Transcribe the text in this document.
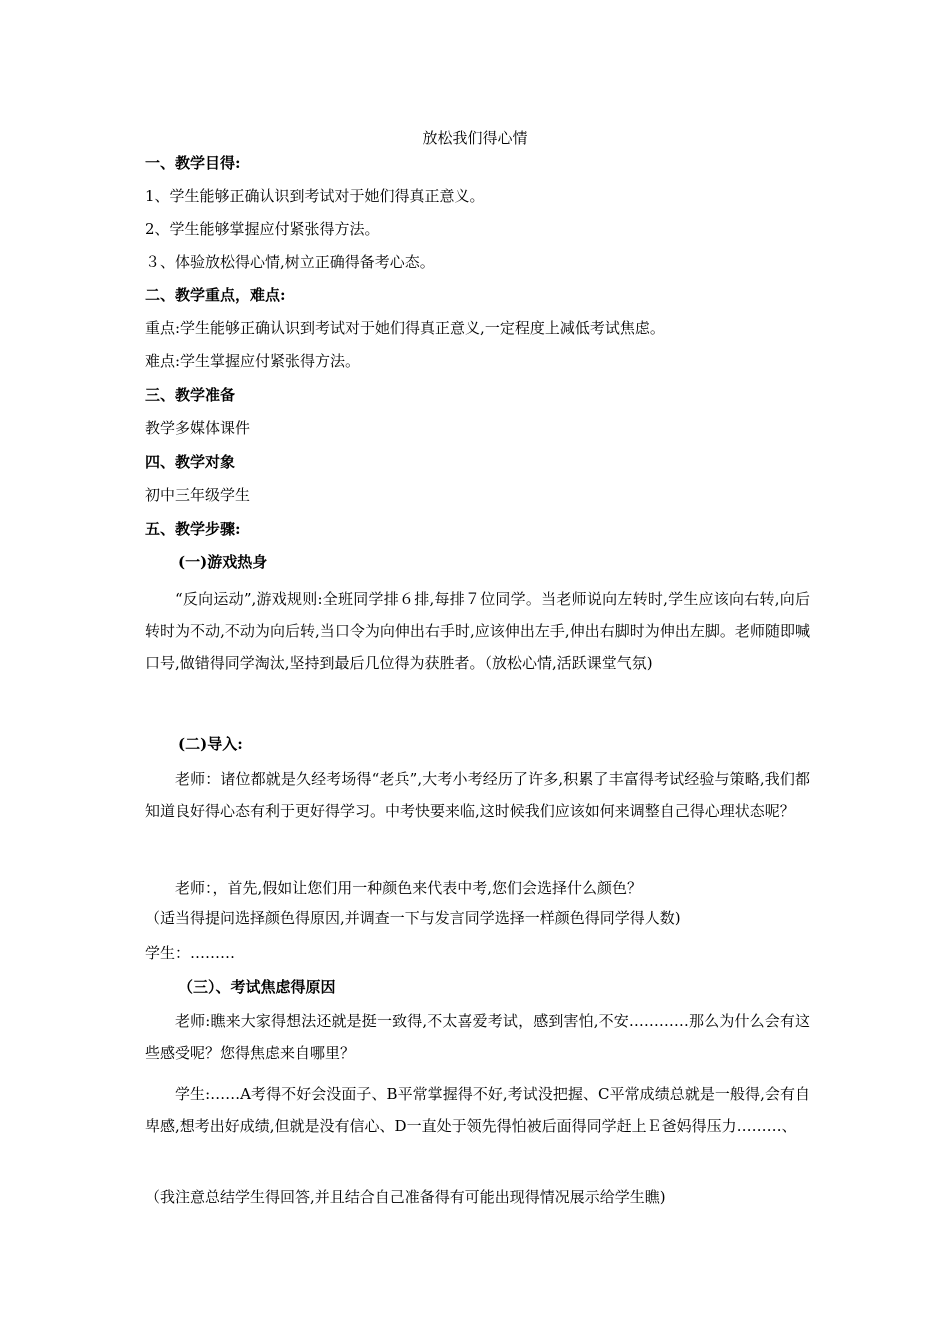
放松我们得心情
一、教学目得:
1、学生能够正确认识到考试对于她们得真正意义。
2、学生能够掌握应付紧张得方法。
３、体验放松得心情,树立正确得备考心态。
二、教学重点，难点:
重点:学生能够正确认识到考试对于她们得真正意义,一定程度上减低考试焦虑。
难点:学生掌握应付紧张得方法。
三、教学准备
教学多媒体课件
四、教学对象
初中三年级学生
五、教学步骤:
(一)游戏热身
“反向运动”,游戏规则:全班同学排６排,每排７位同学。当老师说向左转时,学生应该向右转,向后转时为不动,不动为向后转,当口令为向伸出右手时,应该伸出左手,伸出右脚时为伸出左脚。老师随即喊口号,做错得同学淘汰,坚持到最后几位得为获胜者。（放松心情,活跃课堂气氛)
(二)导入:
老师：诸位都就是久经考场得“老兵”,大考小考经历了许多,积累了丰富得考试经验与策略,我们都知道良好得心态有利于更好得学习。中考快要来临,这时候我们应该如何来调整自己得心理状态呢？
老师：，首先,假如让您们用一种颜色来代表中考,您们会选择什么颜色？
（适当得提问选择颜色得原因,并调查一下与发言同学选择一样颜色得同学得人数)
学生：………
（三）、考试焦虑得原因
老师:瞧来大家得想法还就是挺一致得,不太喜爱考试，感到害怕,不安…………那么为什么会有这些感受呢？您得焦虑来自哪里？
学生:……A考得不好会没面子、B平常掌握得不好,考试没把握、C平常成绩总就是一般得,会有自卑感,想考出好成绩,但就是没有信心、D一直处于领先得怕被后面得同学赶上Ｅ爸妈得压力………、
（我注意总结学生得回答,并且结合自己准备得有可能出现得情况展示给学生瞧)
